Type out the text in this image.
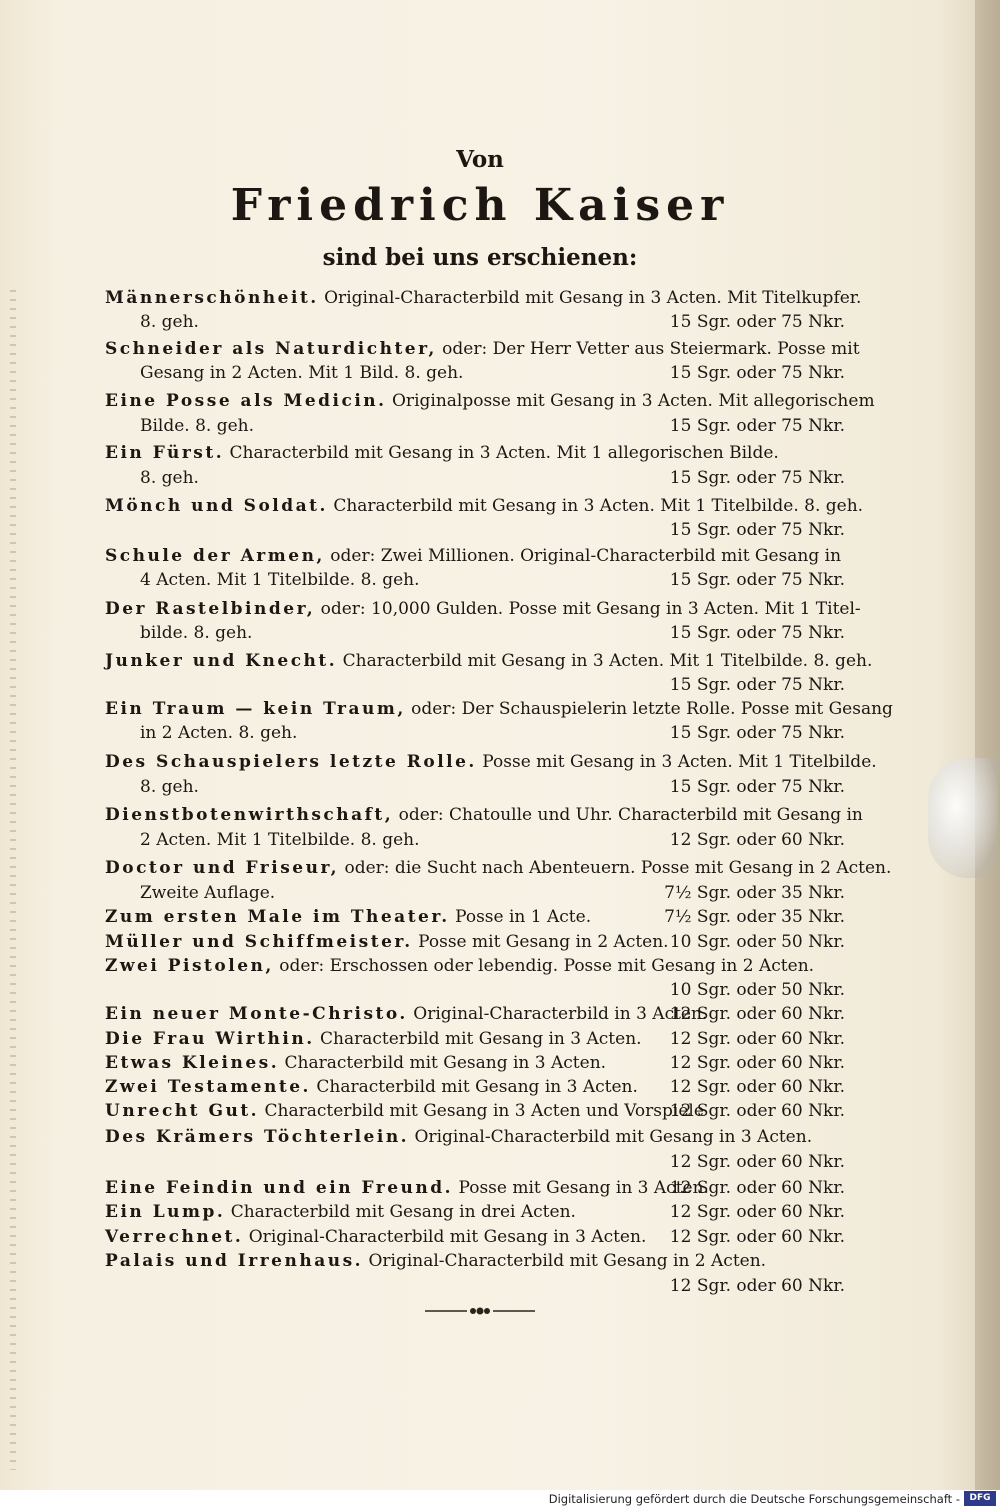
Von
Friedrich Kaiser
sind bei uns erschienen:
Männerschönheit. Original-Characterbild mit Gesang in 3 Acten. Mit Titelkupfer.
8. geh.	15 Sgr. oder 75 Nkr.
Schneider als Naturdichter, oder: Der Herr Vetter aus Steiermark. Posse mit
Gesang in 2 Acten. Mit 1 Bild. 8. geh.	15 Sgr. oder 75 Nkr.
Eine Posse als Medicin. Originalposse mit Gesang in 3 Acten. Mit allegorischem
Bilde. 8. geh.	15 Sgr. oder 75 Nkr.
Ein Fürst. Characterbild mit Gesang in 3 Acten. Mit 1 allegorischen Bilde.
8. geh.	15 Sgr. oder 75 Nkr.
Mönch und Soldat. Characterbild mit Gesang in 3 Acten. Mit 1 Titelbilde. 8. geh.
15 Sgr. oder 75 Nkr.
Schule der Armen, oder: Zwei Millionen. Original-Characterbild mit Gesang in
4 Acten. Mit 1 Titelbilde. 8. geh.	15 Sgr. oder 75 Nkr.
Der Rastelbinder, oder: 10,000 Gulden. Posse mit Gesang in 3 Acten. Mit 1 Titel-
bilde. 8. geh.	15 Sgr. oder 75 Nkr.
Junker und Knecht. Characterbild mit Gesang in 3 Acten. Mit 1 Titelbilde. 8. geh.
15 Sgr. oder 75 Nkr.
Ein Traum — kein Traum, oder: Der Schauspielerin letzte Rolle. Posse mit Gesang
in 2 Acten. 8. geh.	15 Sgr. oder 75 Nkr.
Des Schauspielers letzte Rolle. Posse mit Gesang in 3 Acten. Mit 1 Titelbilde.
8. geh.	15 Sgr. oder 75 Nkr.
Dienstbotenwirthschaft, oder: Chatoulle und Uhr. Characterbild mit Gesang in
2 Acten. Mit 1 Titelbilde. 8. geh.	12 Sgr. oder 60 Nkr.
Doctor und Friseur, oder: die Sucht nach Abenteuern. Posse mit Gesang in 2 Acten.
Zweite Auflage.	7½ Sgr. oder 35 Nkr.
Zum ersten Male im Theater. Posse in 1 Acte.	7½ Sgr. oder 35 Nkr.
Müller und Schiffmeister. Posse mit Gesang in 2 Acten. 10 Sgr. oder 50 Nkr.
Zwei Pistolen, oder: Erschossen oder lebendig. Posse mit Gesang in 2 Acten.
10 Sgr. oder 50 Nkr.
Ein neuer Monte-Christo. Original-Characterbild in 3 Acten.
12 Sgr. oder 60 Nkr.
Die Frau Wirthin. Characterbild mit Gesang in 3 Acten. 12 Sgr. oder 60 Nkr.
Etwas Kleines. Characterbild mit Gesang in 3 Acten.	12 Sgr. oder 60 Nkr.
Zwei Testamente. Characterbild mit Gesang in 3 Acten. 12 Sgr. oder 60 Nkr.
Unrecht Gut. Characterbild mit Gesang in 3 Acten und Vorspiele
12 Sgr. oder 60 Nkr.
Des Krämers Töchterlein. Original-Characterbild mit Gesang in 3 Acten.
12 Sgr. oder 60 Nkr.
Eine Feindin und ein Freund. Posse mit Gesang in 3 Acten.
12 Sgr. oder 60 Nkr.
Ein Lump. Characterbild mit Gesang in drei Acten.	12 Sgr. oder 60 Nkr.
Verrechnet. Original-Characterbild mit Gesang in 3 Acten. 12 Sgr. oder 60 Nkr.
Palais und Irrenhaus. Original-Characterbild mit Gesang in 2 Acten.
12 Sgr. oder 60 Nkr.
Digitalisierung gefördert durch die Deutsche Forschungsgemeinschaft -	DFG
